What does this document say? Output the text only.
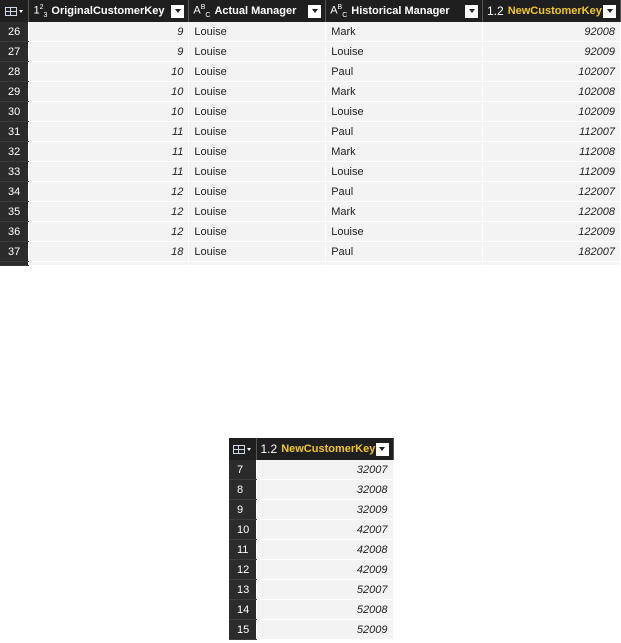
	$1^2_3$ OriginalCustomerKey	$A^B_C$ Actual Manager	$A^B_C$ Historical Manager	1.2 NewCustomerKey

26	9	Louise	Mark	92008
27	9	Louise	Louise	92009
28	10	Louise	Paul	102007
29	10	Louise	Mark	102008
30	10	Louise	Louise	102009
31	11	Louise	Paul	112007
32	11	Louise	Mark	112008
33	11	Louise	Louise	112009
34	12	Louise	Paul	122007
35	12	Louise	Mark	122008
36	12	Louise	Louise	122009
37	18	Louise	Paul	182007

	1.2 NewCustomerKey

7	32007
8	32008
9	32009
10	42007
11	42008
12	42009
13	52007
14	52008
15	52009
